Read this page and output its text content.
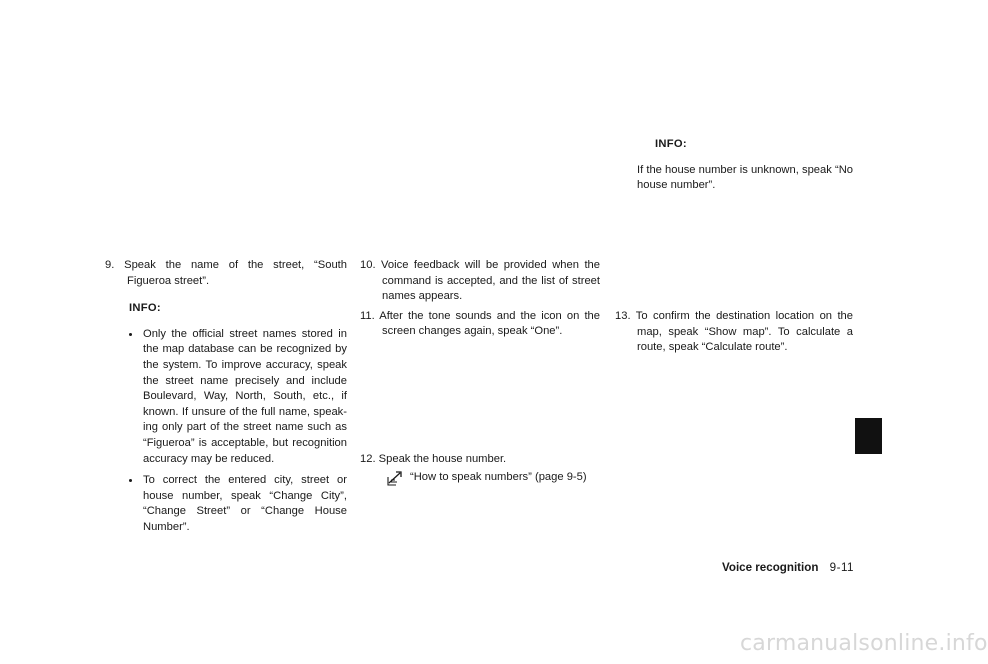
9. Speak the name of the street, “South Figueroa street”.

INFO:
Only the official street names stored in the map database can be recognized by the system. To improve accuracy, speak the street name precisely and include Boulevard, Way, North, South, etc., if known. If unsure of the full name, speaking only part of the street name such as “Figueroa” is acceptable, but recognition accuracy may be reduced.
To correct the entered city, street or house number, speak “Change City”, “Change Street” or “Change House Number”.

10. Voice feedback will be provided when the command is accepted, and the list of street names appears.

11. After the tone sounds and the icon on the screen changes again, speak “One”.

12. Speak the house number.

“How to speak numbers” (page 9-5)
INFO:

If the house number is unknown, speak “No house number”.

13. To confirm the destination location on the map, speak “Show map”. To calculate a route, speak “Calculate route”.

Voice recognition 9-11
carmanualsonline.info
